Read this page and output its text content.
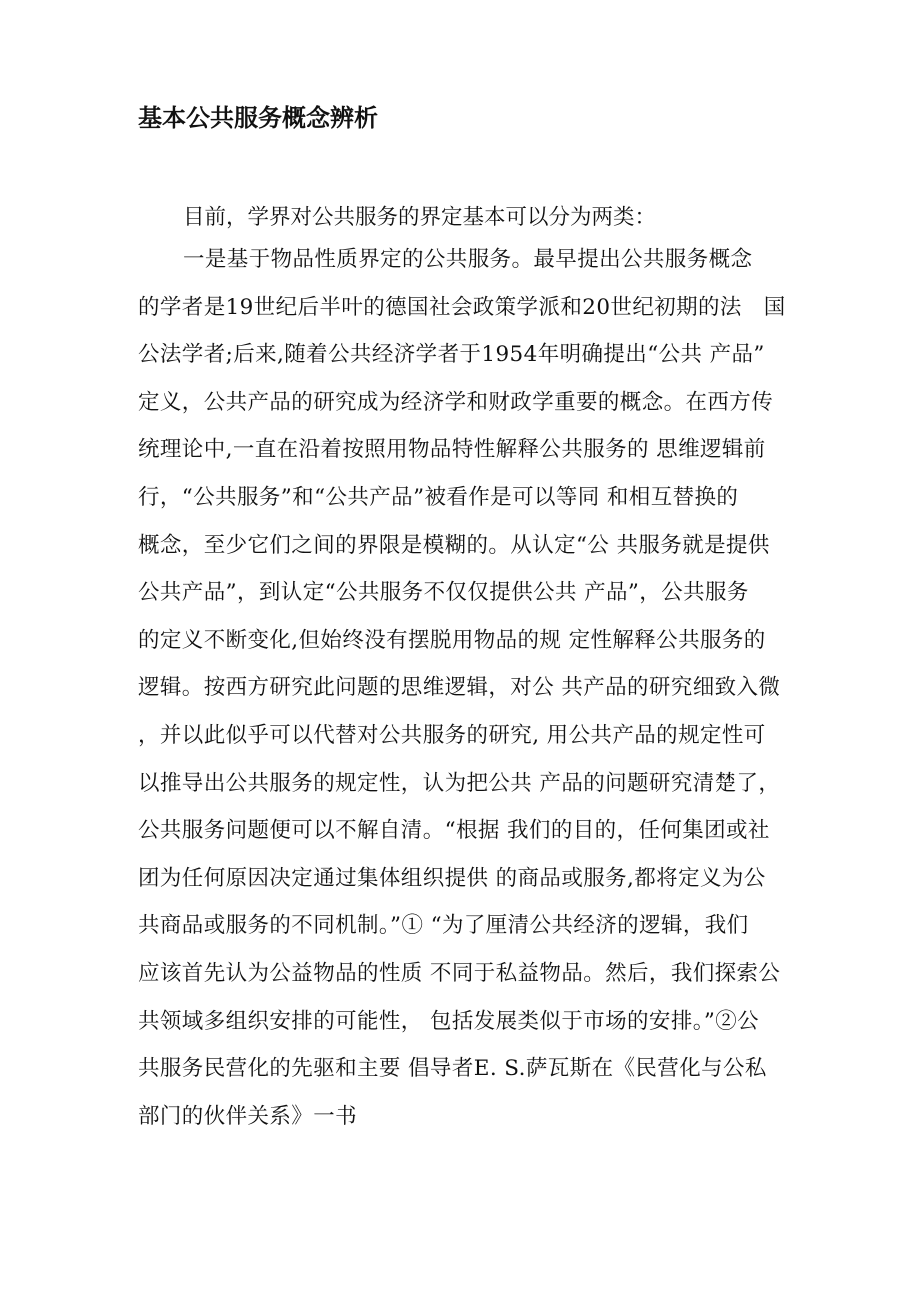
基本公共服务概念辨析
目前，学界对公共服务的界定基本可以分为两类：
一是基于物品性质界定的公共服务。最早提出公共服务概念
的学者是19世纪后半叶的德国社会政策学派和20世纪初期的法　国
公法学者;后来,随着公共经济学者于1954年明确提出“公共 产品”
定义，公共产品的研究成为经济学和财政学重要的概念。在西方传
统理论中,一直在沿着按照用物品特性解释公共服务的 思维逻辑前
行，“公共服务”和“公共产品”被看作是可以等同 和相互替换的
概念，至少它们之间的界限是模糊的。从认定“公 共服务就是提供
公共产品”，到认定“公共服务不仅仅提供公共 产品”，公共服务
的定义不断变化,但始终没有摆脱用物品的规 定性解释公共服务的
逻辑。按西方研究此问题的思维逻辑，对公 共产品的研究细致入微
，并以此似乎可以代替对公共服务的研究, 用公共产品的规定性可
以推导出公共服务的规定性，认为把公共 产品的问题研究清楚了，
公共服务问题便可以不解自清。“根据 我们的目的，任何集团或社
团为任何原因决定通过集体组织提供 的商品或服务,都将定义为公
共商品或服务的不同机制。”① “为了厘清公共经济的逻辑，我们
应该首先认为公益物品的性质 不同于私益物品。然后，我们探索公
共领域多组织安排的可能性， 包括发展类似于市场的安排。”②公
共服务民营化的先驱和主要 倡导者E. S.萨瓦斯在《民营化与公私
部门的伙伴关系》一书
